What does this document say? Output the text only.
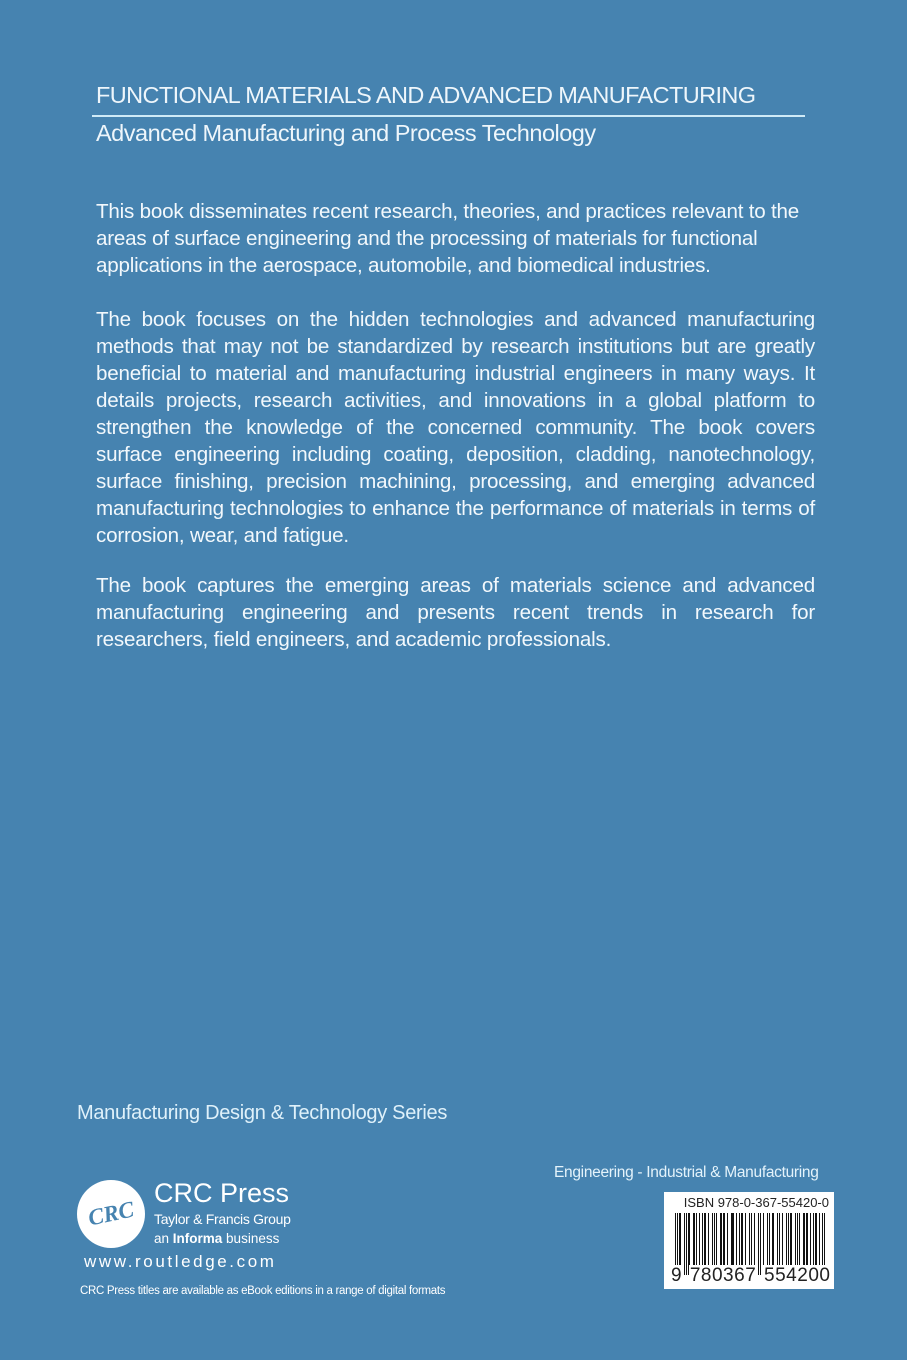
FUNCTIONAL MATERIALS AND ADVANCED MANUFACTURING
Advanced Manufacturing and Process Technology

This book disseminates recent research, theories, and practices relevant to the areas of surface engineering and the processing of materials for functional applications in the aerospace, automobile, and biomedical industries.

The book focuses on the hidden technologies and advanced manufacturing methods that may not be standardized by research institutions but are greatly beneficial to material and manufacturing industrial engineers in many ways. It details projects, research activities, and innovations in a global platform to strengthen the knowledge of the concerned community. The book covers surface engineering including coating, deposition, cladding, nanotechnology, surface finishing, precision machining, processing, and emerging advanced manufacturing technologies to enhance the performance of materials in terms of corrosion, wear, and fatigue.

The book captures the emerging areas of materials science and advanced manufacturing engineering and presents recent trends in research for researchers, field engineers, and academic professionals.

Manufacturing Design & Technology Series
CRC
CRC Press
Taylor & Francis Group
an Informa business
www.routledge.com
CRC Press titles are available as eBook editions in a range of digital formats
Engineering - Industrial & Manufacturing
ISBN 978-0-367-55420-0
9 780367 554200
